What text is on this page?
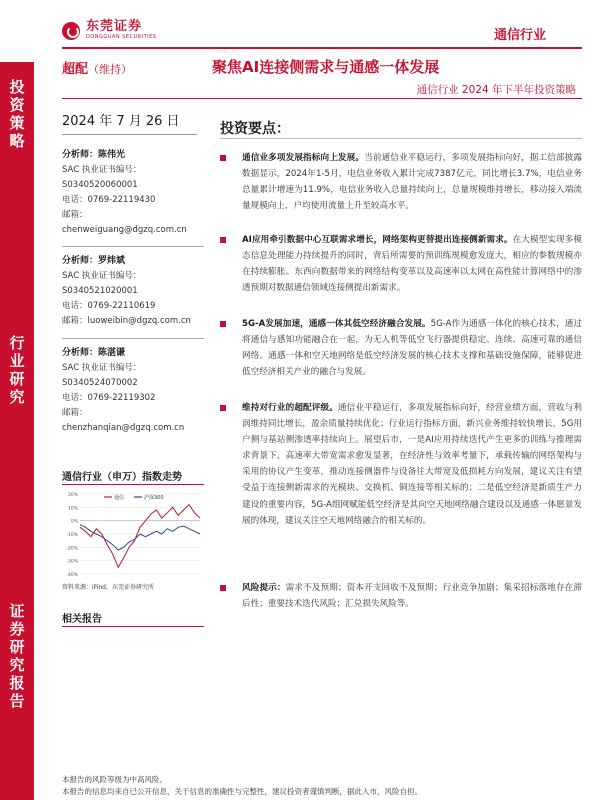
东莞证券
DONGGUAN SECURITIES	通信行业
投
资
策
略
行
业
研
究
证
券
研
究
报
告
超配（维持）	聚焦AI连接侧需求与通感一体发展
通信行业 2024 年下半年投资策略
2024 年 7 月 26 日
分析师：陈伟光
SAC 执业证书编号：
S0340520060001
电话：0769-22119430
邮箱：
chenweiguang@dgzq.com.cn
分析师：罗炜斌
SAC 执业证书编号：
S0340521020001
电话：0769-22110619
邮箱：luoweibin@dgzq.com.cn
分析师：陈湛谦
SAC 执业证书编号：
S0340524070002
电话：0769-22119302
邮箱：
chenzhanqian@dgzq.com.cn
通信行业（申万）指数走势
-40%
-30%
-20%
-10%
0%
10%
20%	通信	沪深300
资料来源：iFind，东莞证券研究所
相关报告
投资要点：
通信业多项发展指标向上发展。当前通信业平稳运行，多项发展指标向好，据工信部披露数据显示，2024年1-5月，电信业务收入累计完成7387亿元，同比增长3.7%，电信业务总量累计增速为11.9%，电信业务收入总量持续向上，总量规模维持增长，移动接入端流量规模向上，户均使用流量上升至较高水平。
AI应用牵引数据中心互联需求增长，网络架构更替提出连接侧新需求。在大模型实现多模态信息处理能力持续提升的同时，背后所需要的预训练规模愈发庞大，相应的参数规模亦在持续膨胀。东西向数据带来的网络结构变革以及高速率以太网在高性能计算网络中的渗透预期对数据通信领域连接侧提出新需求。
5G-A发展加速，通感一体其低空经济融合发展。5G-A作为通感一体化的核心技术，通过将通信与感知功能融合在一起，为无人机等低空飞行器提供稳定、连续、高速可靠的通信网络。通感一体和空天地网络是低空经济发展的核心技术支撑和基础设施保障，能够促进低空经济相关产业的融合与发展。
维持对行业的超配评级。通信业平稳运行，多项发展指标向好，经营业绩方面，营收与利润维持同比增长，盈余质量持续优化；行业运行指标方面，新兴业务维持较快增长，5G用户侧与基站侧渗透率持续向上。展望后市，一是AI应用持续迭代产生更多的训练与推理需求背景下，高速率大带宽需求愈发显著，在经济性与效率考量下，承载传输的网络架构与采用的协议产生变革，推动连接侧器件与设备往大带宽及低损耗方向发展，建议关注有望受益于连接侧新需求的光模块、交换机、铜连接等相关标的；二是低空经济是新质生产力建设的重要内容，5G-A组网赋能低空经济是其向空天地网络融合建设以及通感一体愿景发展的体现，建议关注空天地网络融合的相关标的。
风险提示：需求不及预期；资本开支回收不及预期；行业竞争加剧；集采招标落地存在滞后性；重要技术迭代风险；汇兑损失风险等。
本报告的风险等级为中高风险。
本报告的信息均来自已公开信息，关于信息的准确性与完整性，建议投资者谨慎判断，据此入市，风险自担。
